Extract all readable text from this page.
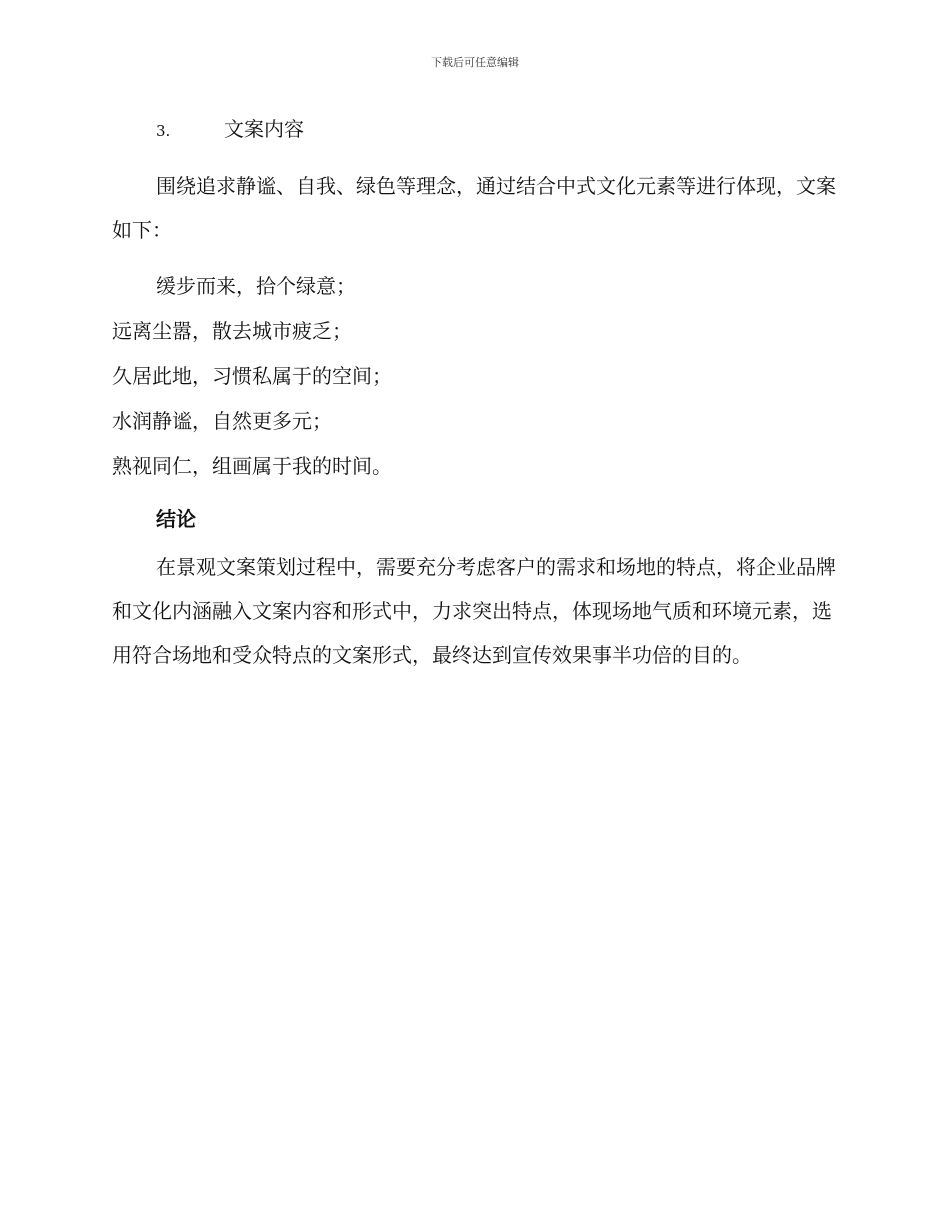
下载后可任意编辑
3.	文案内容

围绕追求静谧、自我、绿色等理念，通过结合中式文化元素等进行体现，文案如下：

缓步而来，拾个绿意；
远离尘嚣，散去城市疲乏；
久居此地，习惯私属于的空间；
水润静谧，自然更多元；
熟视同仁，组画属于我的时间。
结论

在景观文案策划过程中，需要充分考虑客户的需求和场地的特点，将企业品牌和文化内涵融入文案内容和形式中，力求突出特点，体现场地气质和环境元素，选用符合场地和受众特点的文案形式，最终达到宣传效果事半功倍的目的。
